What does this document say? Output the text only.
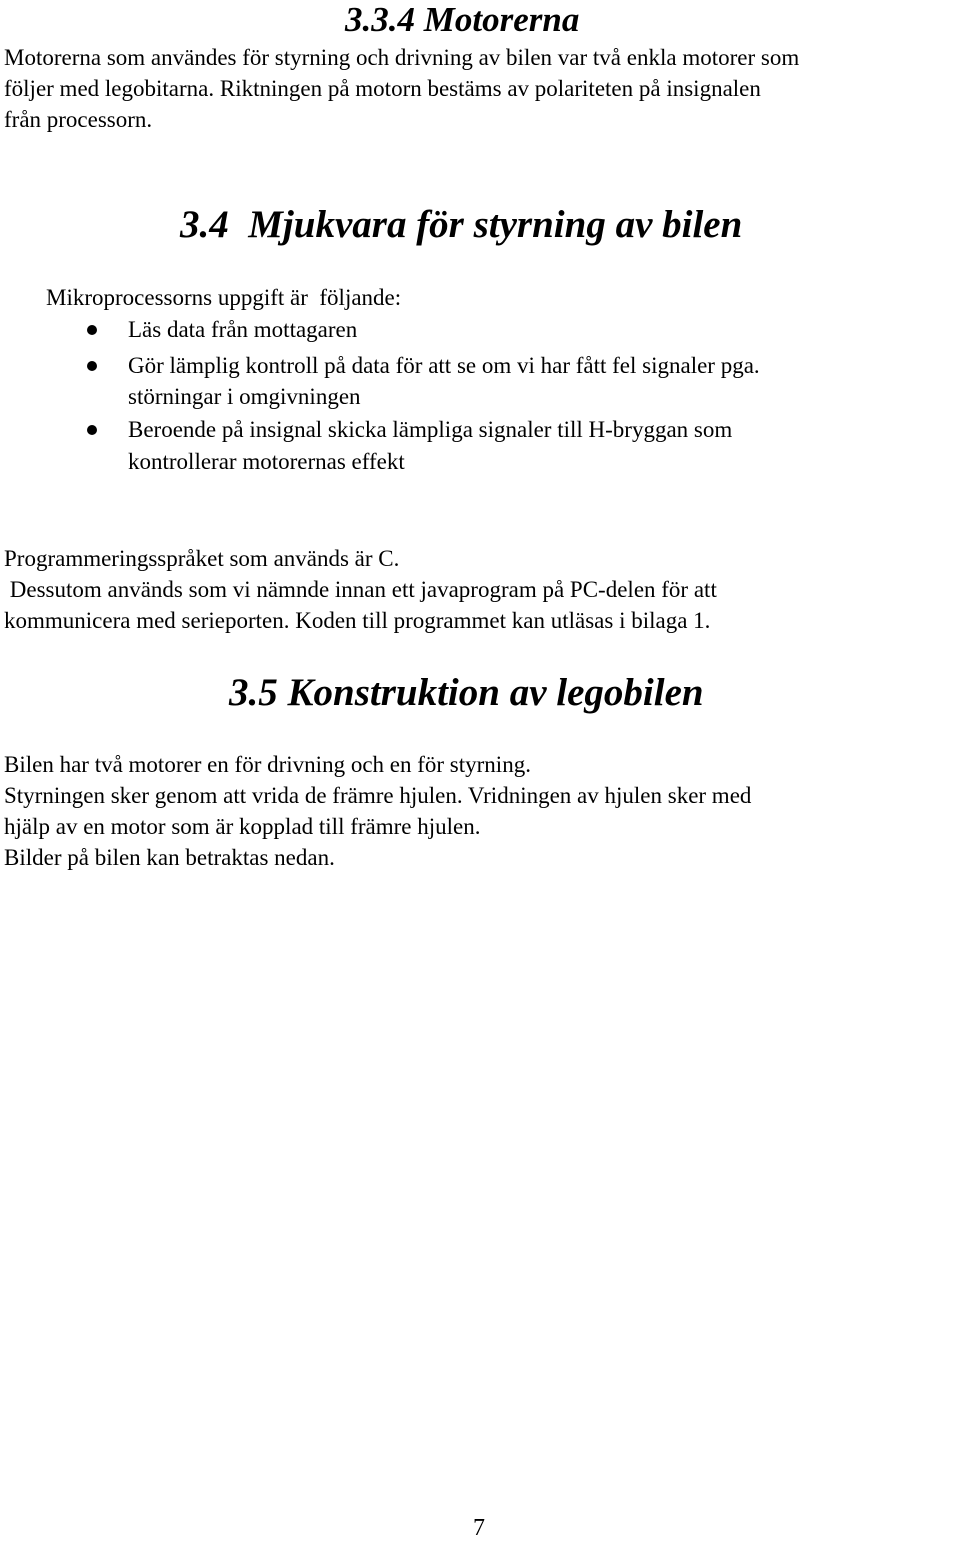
3.3.4 Motorerna
Motorerna som användes för styrning och drivning av bilen var två enkla motorer som
följer med legobitarna. Riktningen på motorn bestäms av polariteten på insignalen
från processorn.
3.4  Mjukvara för styrning av bilen
Mikroprocessorns uppgift är  följande:
Läs data från mottagaren
Gör lämplig kontroll på data för att se om vi har fått fel signaler pga.
störningar i omgivningen
Beroende på insignal skicka lämpliga signaler till H-bryggan som
kontrollerar motorernas effekt
Programmeringsspråket som används är C.
Dessutom används som vi nämnde innan ett javaprogram på PC-delen för att
kommunicera med serieporten. Koden till programmet kan utläsas i bilaga 1.
3.5 Konstruktion av legobilen
Bilen har två motorer en för drivning och en för styrning.
Styrningen sker genom att vrida de främre hjulen. Vridningen av hjulen sker med
hjälp av en motor som är kopplad till främre hjulen.
Bilder på bilen kan betraktas nedan.
7
